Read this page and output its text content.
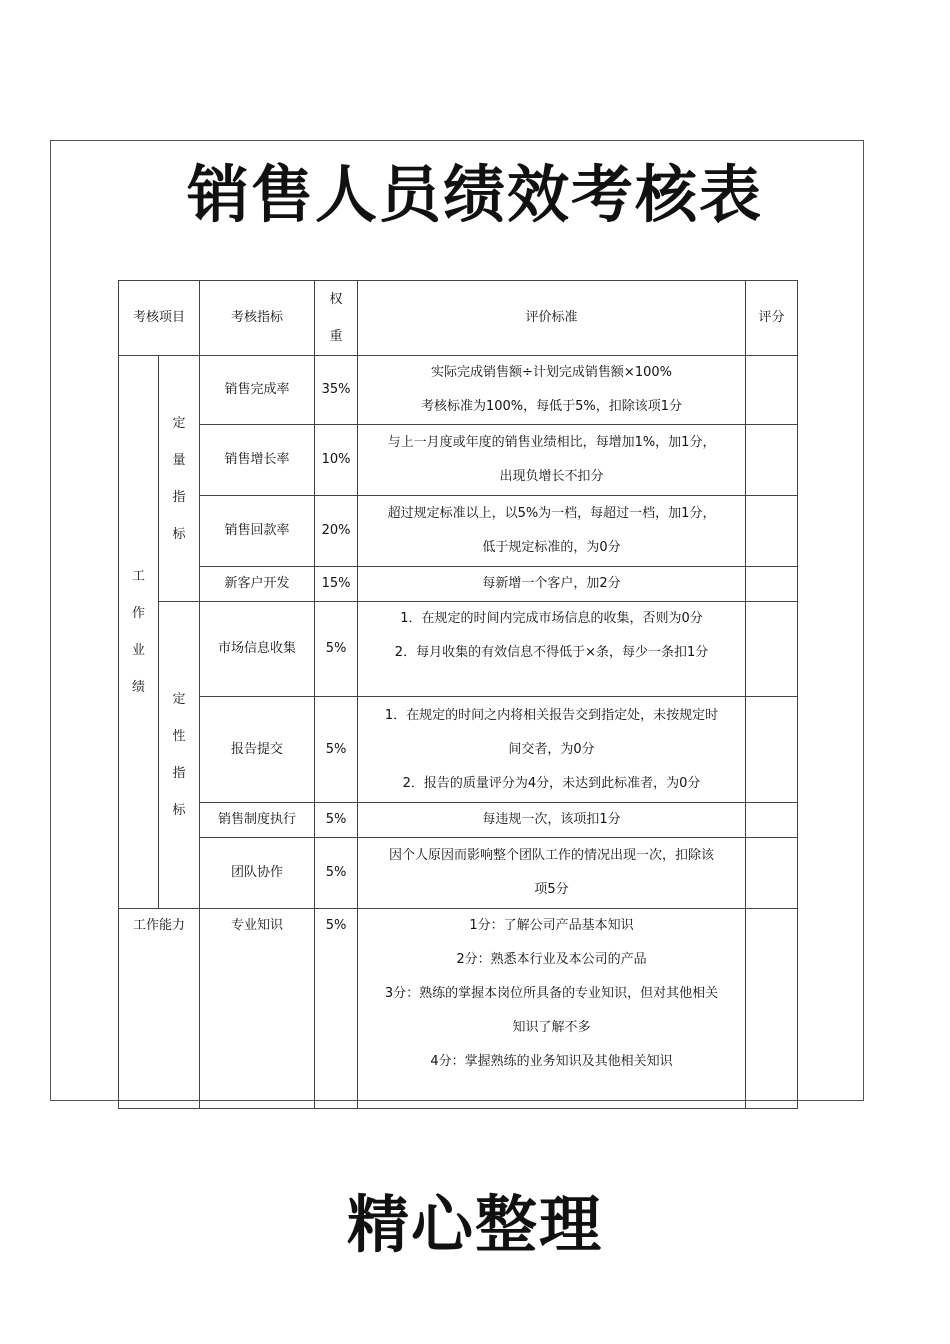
销售人员绩效考核表
考核项目		考核指标	权
重	评价标准	评分

工
作
业
绩	定
量
指
标	销售完成率	35%	实际完成销售额÷计划完成销售额×100%
考核标准为100%，每低于5%，扣除该项1分	

		销售增长率	10%	与上一月度或年度的销售业绩相比，每增加1%，加1分，
出现负增长不扣分	

		销售回款率	20%	超过规定标准以上，以5%为一档，每超过一档，加1分，
低于规定标准的，为0分	

		新客户开发	15%	每新增一个客户，加2分	

	定
性
指
标	市场信息收集	5%	1．在规定的时间内完成市场信息的收集，否则为0分
2．每月收集的有效信息不得低于×条，每少一条扣1分	

		报告提交	5%	1．在规定的时间之内将相关报告交到指定处，未按规定时
间交者，为0分
2．报告的质量评分为4分，未达到此标准者，为0分	

		销售制度执行	5%	每违规一次，该项扣1分	

		团队协作	5%	因个人原因而影响整个团队工作的情况出现一次，扣除该
项5分	

工作能力		专业知识	5%	1分：了解公司产品基本知识
2分：熟悉本行业及本公司的产品
3分：熟练的掌握本岗位所具备的专业知识，但对其他相关
知识了解不多
4分：掌握熟练的业务知识及其他相关知识	

精心整理
